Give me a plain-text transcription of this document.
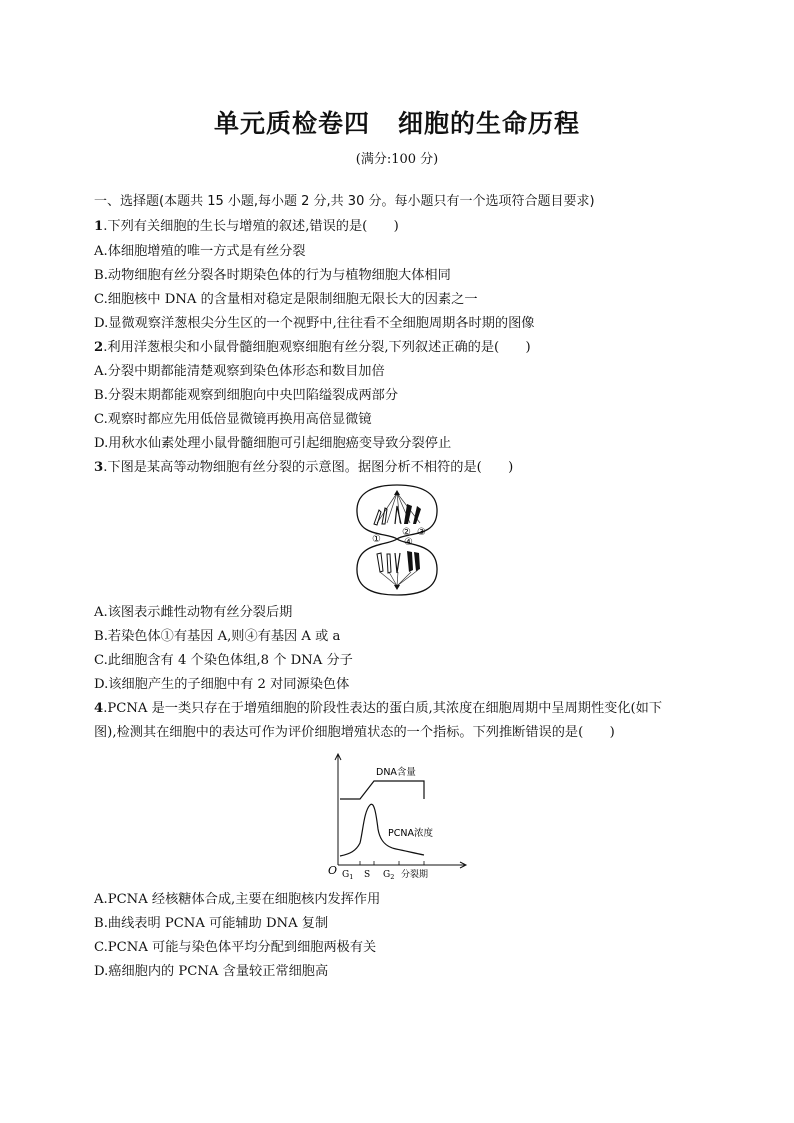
单元质检卷四 细胞的生命历程
(满分:100 分)
一、选择题(本题共 15 小题,每小题 2 分,共 30 分。每小题只有一个选项符合题目要求)
1.下列有关细胞的生长与增殖的叙述,错误的是(　　)
A.体细胞增殖的唯一方式是有丝分裂
B.动物细胞有丝分裂各时期染色体的行为与植物细胞大体相同
C.细胞核中 DNA 的含量相对稳定是限制细胞无限长大的因素之一
D.显微观察洋葱根尖分生区的一个视野中,往往看不全细胞周期各时期的图像
2.利用洋葱根尖和小鼠骨髓细胞观察细胞有丝分裂,下列叙述正确的是(　　)
A.分裂中期都能清楚观察到染色体形态和数目加倍
B.分裂末期都能观察到细胞向中央凹陷缢裂成两部分
C.观察时都应先用低倍显微镜再换用高倍显微镜
D.用秋水仙素处理小鼠骨髓细胞可引起细胞癌变导致分裂停止
3.下图是某高等动物细胞有丝分裂的示意图。据图分析不相符的是(　　)
①
② ③
④
A.该图表示雌性动物有丝分裂后期
B.若染色体①有基因 A,则④有基因 A 或 a
C.此细胞含有 4 个染色体组,8 个 DNA 分子
D.该细胞产生的子细胞中有 2 对同源染色体
4.PCNA 是一类只存在于增殖细胞的阶段性表达的蛋白质,其浓度在细胞周期中呈周期性变化(如下
图),检测其在细胞中的表达可作为评价细胞增殖状态的一个指标。下列推断错误的是(　　)
O
DNA含量
PCNA浓度
$G_1$ S $G_2$ 分裂期
A.PCNA 经核糖体合成,主要在细胞核内发挥作用
B.曲线表明 PCNA 可能辅助 DNA 复制
C.PCNA 可能与染色体平均分配到细胞两极有关
D.癌细胞内的 PCNA 含量较正常细胞高
